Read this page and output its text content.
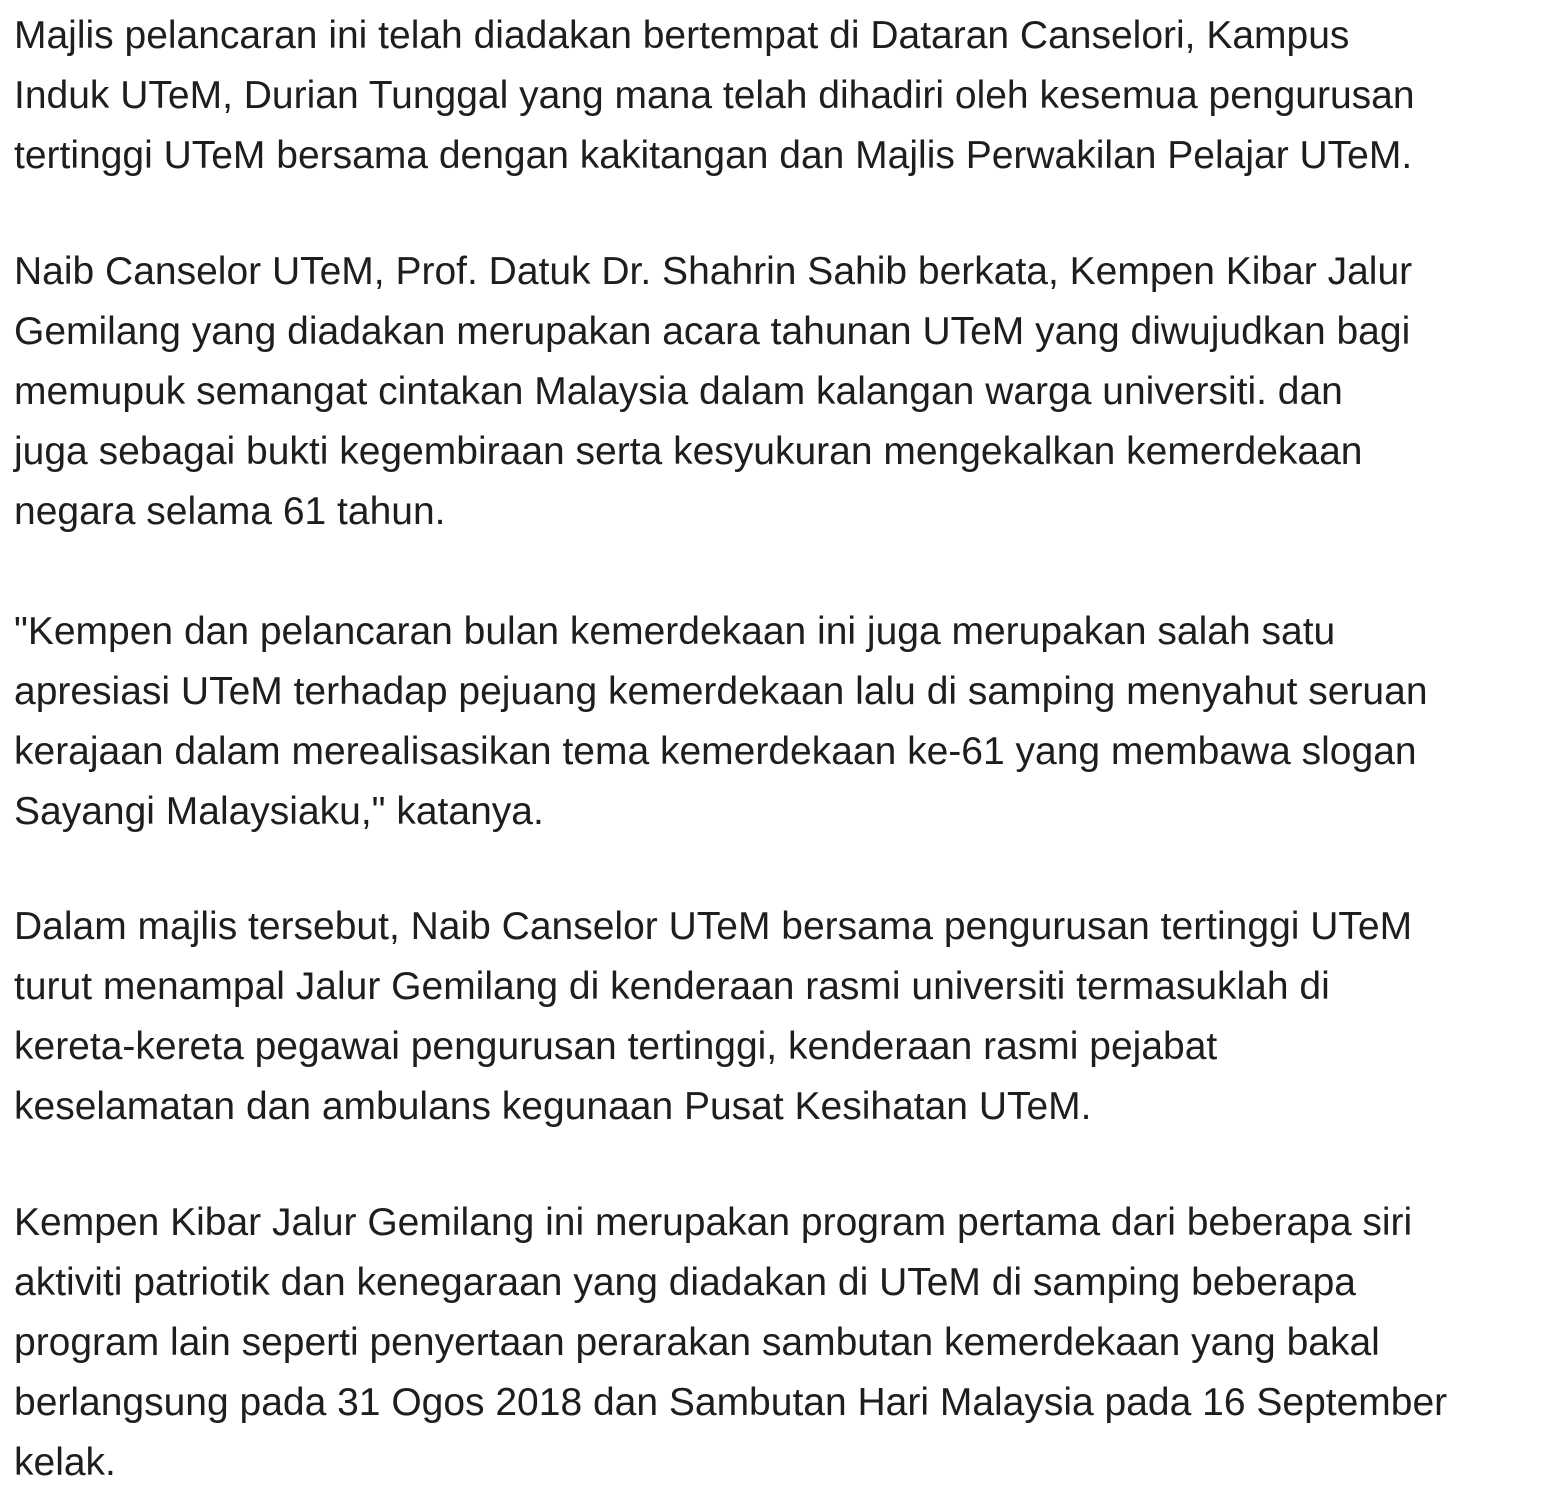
Majlis pelancaran ini telah diadakan bertempat di Dataran Canselori, Kampus
Induk UTeM, Durian Tunggal yang mana telah dihadiri oleh kesemua pengurusan
tertinggi UTeM bersama dengan kakitangan dan Majlis Perwakilan Pelajar UTeM.

Naib Canselor UTeM, Prof. Datuk Dr. Shahrin Sahib berkata, Kempen Kibar Jalur
Gemilang yang diadakan merupakan acara tahunan UTeM yang diwujudkan bagi
memupuk semangat cintakan Malaysia dalam kalangan warga universiti. dan
juga sebagai bukti kegembiraan serta kesyukuran mengekalkan kemerdekaan
negara selama 61 tahun.

"Kempen dan pelancaran bulan kemerdekaan ini juga merupakan salah satu
apresiasi UTeM terhadap pejuang kemerdekaan lalu di samping menyahut seruan
kerajaan dalam merealisasikan tema kemerdekaan ke-61 yang membawa slogan
Sayangi Malaysiaku," katanya.

Dalam majlis tersebut, Naib Canselor UTeM bersama pengurusan tertinggi UTeM
turut menampal Jalur Gemilang di kenderaan rasmi universiti termasuklah di
kereta-kereta pegawai pengurusan tertinggi, kenderaan rasmi pejabat
keselamatan dan ambulans kegunaan Pusat Kesihatan UTeM.

Kempen Kibar Jalur Gemilang ini merupakan program pertama dari beberapa siri
aktiviti patriotik dan kenegaraan yang diadakan di UTeM di samping beberapa
program lain seperti penyertaan perarakan sambutan kemerdekaan yang bakal
berlangsung pada 31 Ogos 2018 dan Sambutan Hari Malaysia pada 16 September
kelak.
